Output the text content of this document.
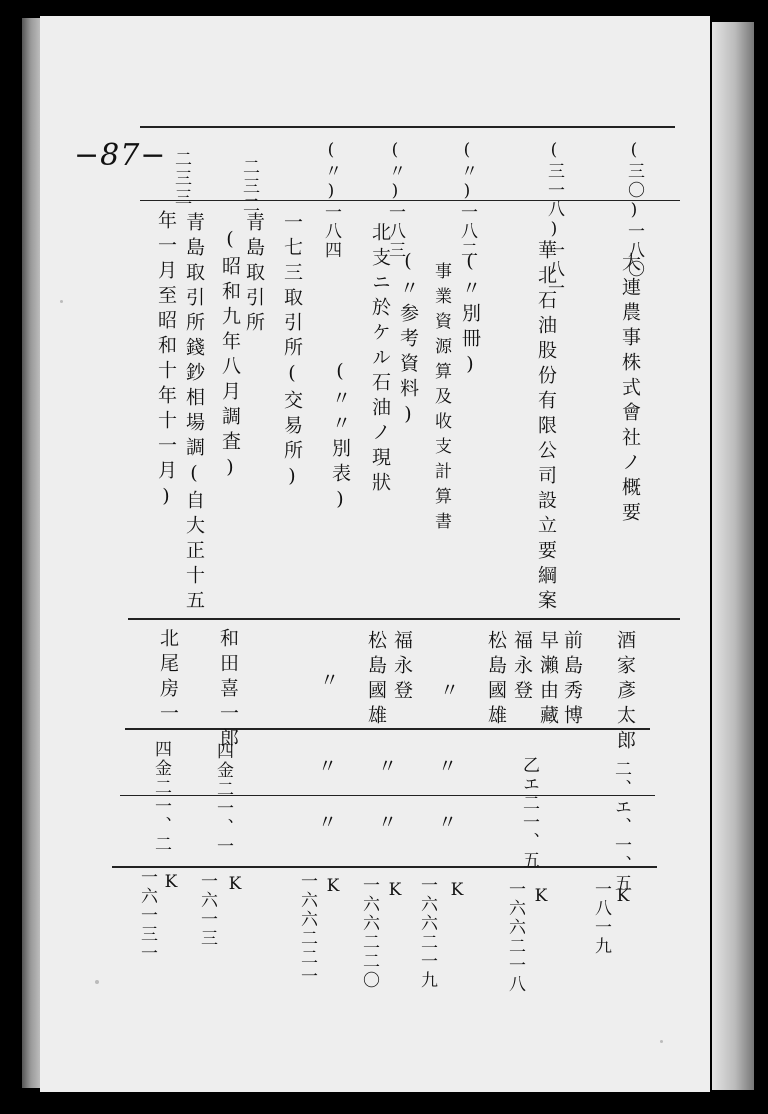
−87−	(三〇)一八〇
大連農事株式會社ノ概要
酒家彥太郎
二、エ、一、五
K
一八一九
(三一八)一八一
華北石油股份有限公司設立要綱案
前島秀博
早瀨由藏
福永登
松島國雄
乙エ二一、五
K
一六六二一八
(〃)一八二
(〃別冊)
事業資源算及收支計算書
〃
〃
〃
K
一六六二一九
(〃)一八三
(〃参考資料)
北支ニ於ケル石油ノ現狀
福永登
松島國雄
〃
〃
K
一六六二二〇
(〃)一八四
(〃〃別表)
〃
〃
〃
K
一六六二二一
二三二
一七三取引所(交易所)
青島取引所
(昭和九年八月調査)
和田喜一郎
四金二一、一
K
一六一三
二三三
青島取引所錢鈔相場調(自大正十五
年一月至昭和十年十一月)
北尾房一
四金二一、二
K
一六一三一
